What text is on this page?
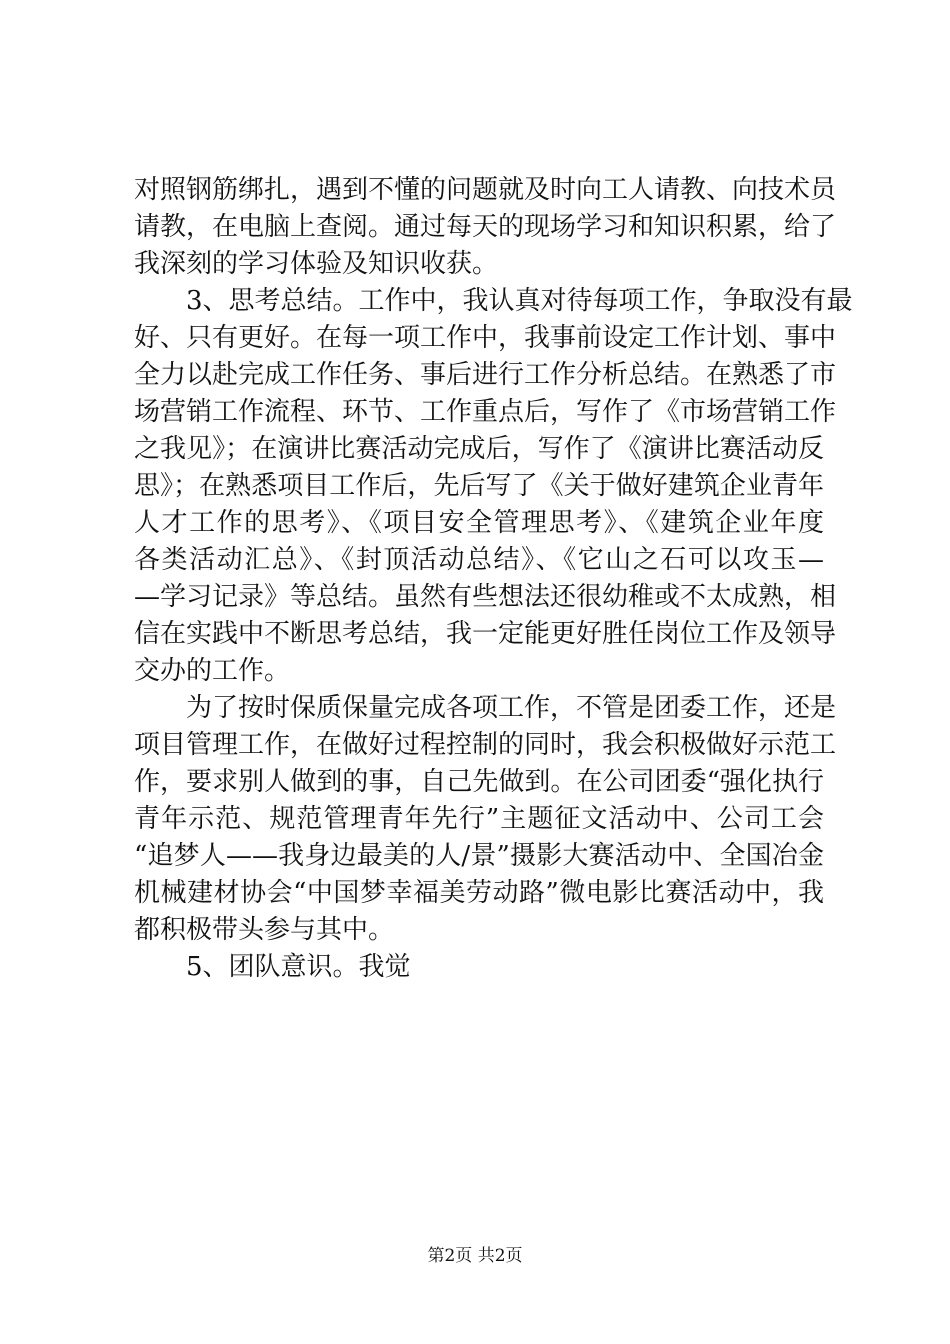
对照钢筋绑扎，遇到不懂的问题就及时向工人请教、向技术员
请教，在电脑上查阅。通过每天的现场学习和知识积累，给了
我深刻的学习体验及知识收获。
3、思考总结。工作中，我认真对待每项工作，争取没有最
好、只有更好。在每一项工作中，我事前设定工作计划、事中
全力以赴完成工作任务、事后进行工作分析总结。在熟悉了市
场营销工作流程、环节、工作重点后，写作了《市场营销工作
之我见》；在演讲比赛活动完成后，写作了《演讲比赛活动反
思》；在熟悉项目工作后，先后写了《关于做好建筑企业青年
人才工作的思考》、《项目安全管理思考》、《建筑企业年度
各类活动汇总》、《封顶活动总结》、《它山之石可以攻玉—
—学习记录》等总结。虽然有些想法还很幼稚或不太成熟，相
信在实践中不断思考总结，我一定能更好胜任岗位工作及领导
交办的工作。
为了按时保质保量完成各项工作，不管是团委工作，还是
项目管理工作，在做好过程控制的同时，我会积极做好示范工
作，要求别人做到的事，自己先做到。在公司团委“强化执行
青年示范、规范管理青年先行”主题征文活动中、公司工会
“追梦人——我身边最美的人/景”摄影大赛活动中、全国冶金
机械建材协会“中国梦幸福美劳动路”微电影比赛活动中，我
都积极带头参与其中。
5、团队意识。我觉
第2页 共2页
